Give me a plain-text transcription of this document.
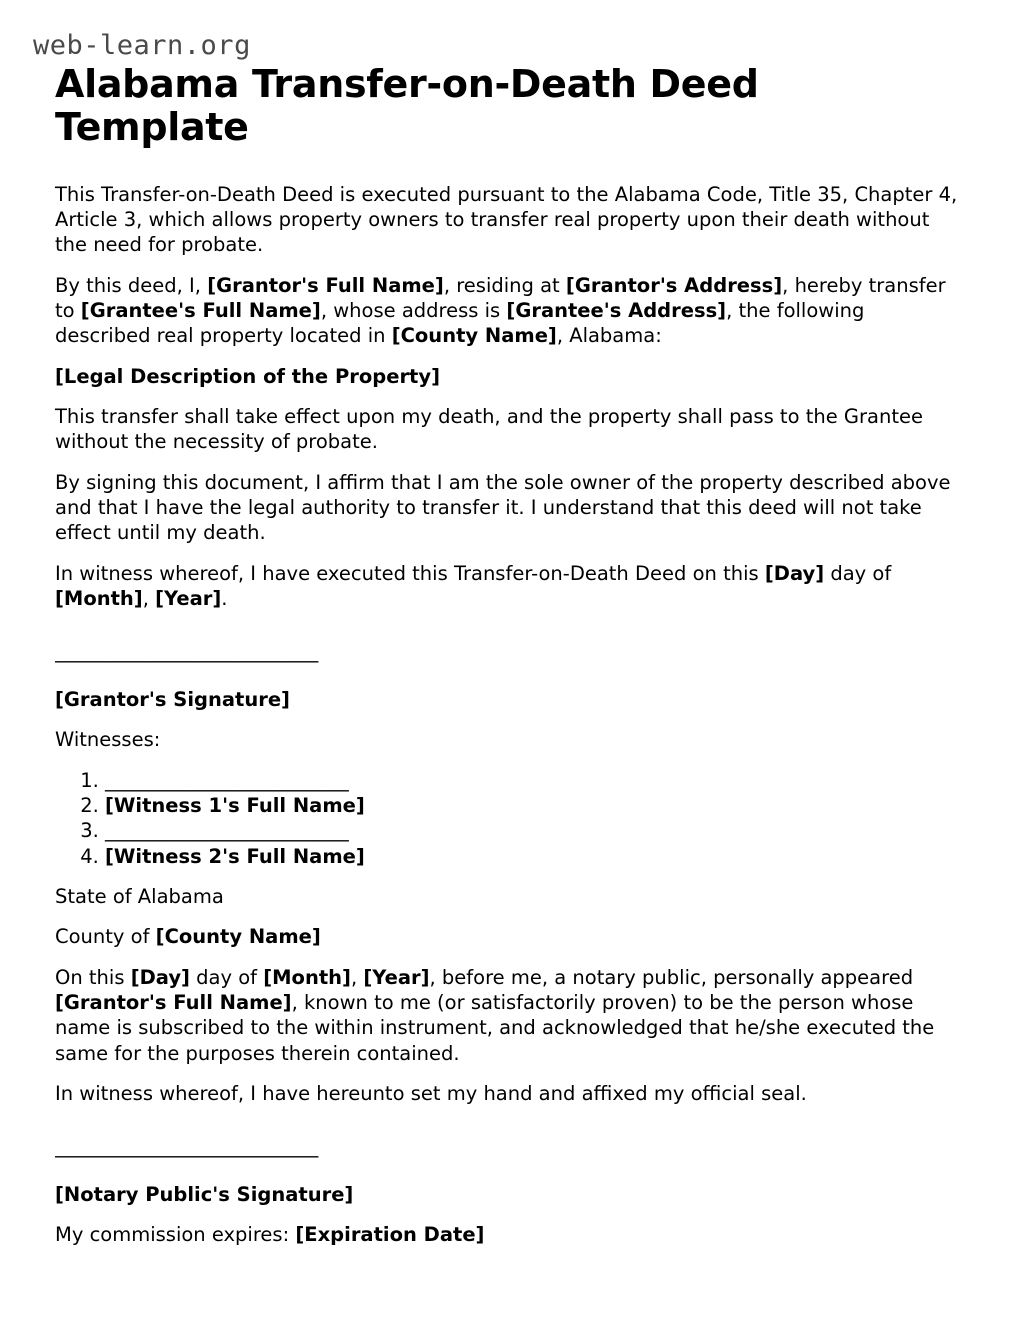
web-learn.org
Alabama Transfer-on-Death Deed Template

This Transfer-on-Death Deed is executed pursuant to the Alabama Code, Title 35, Chapter 4, Article 3, which allows property owners to transfer real property upon their death without the need for probate.

By this deed, I, [Grantor's Full Name], residing at [Grantor's Address], hereby transfer to [Grantee's Full Name], whose address is [Grantee's Address], the following described real property located in [County Name], Alabama:

[Legal Description of the Property]

This transfer shall take effect upon my death, and the property shall pass to the Grantee without the necessity of probate.

By signing this document, I affirm that I am the sole owner of the property described above and that I have the legal authority to transfer it. I understand that this deed will not take effect until my death.

In witness whereof, I have executed this Transfer-on-Death Deed on this [Day] day of [Month], [Year].

___________________________

[Grantor's Signature]

Witnesses:

1. _________________________
2. [Witness 1's Full Name]
3. _________________________
4. [Witness 2's Full Name]

State of Alabama

County of [County Name]

On this [Day] day of [Month], [Year], before me, a notary public, personally appeared [Grantor's Full Name], known to me (or satisfactorily proven) to be the person whose name is subscribed to the within instrument, and acknowledged that he/she executed the same for the purposes therein contained.

In witness whereof, I have hereunto set my hand and affixed my official seal.

___________________________

[Notary Public's Signature]

My commission expires: [Expiration Date]
